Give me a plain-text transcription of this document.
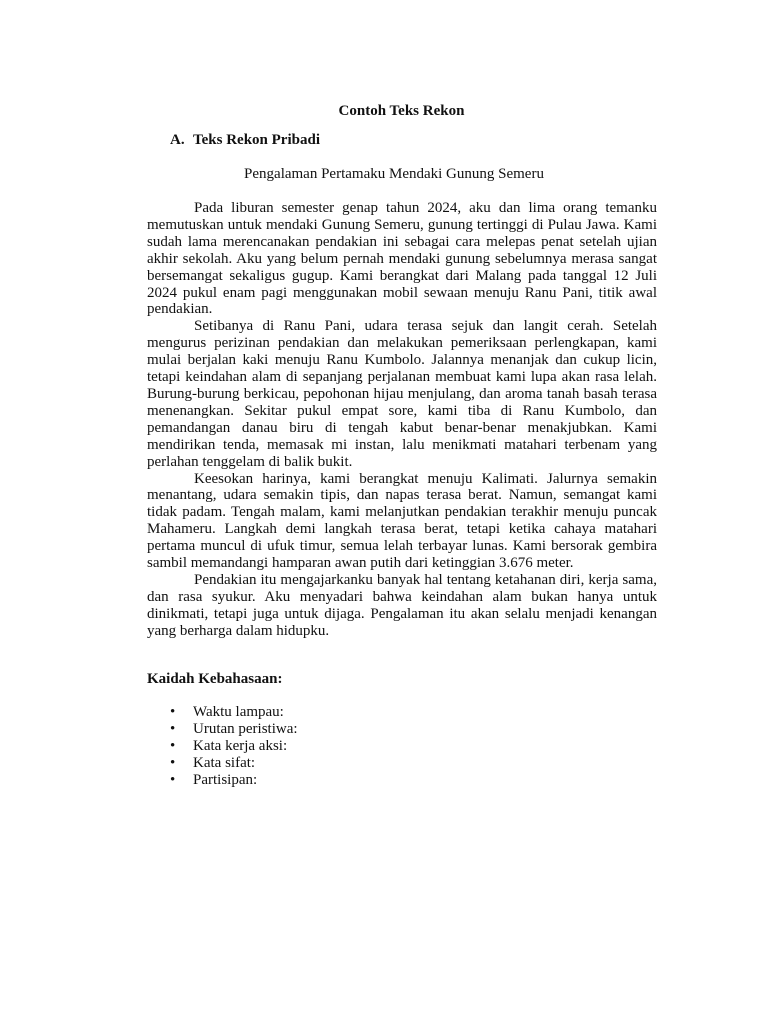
Contoh Teks Rekon
A. Teks Rekon Pribadi
Pengalaman Pertamaku Mendaki Gunung Semeru

Pada liburan semester genap tahun 2024, aku dan lima orang temanku memutuskan untuk mendaki Gunung Semeru, gunung tertinggi di Pulau Jawa. Kami sudah lama merencanakan pendakian ini sebagai cara melepas penat setelah ujian akhir sekolah. Aku yang belum pernah mendaki gunung sebelumnya merasa sangat bersemangat sekaligus gugup. Kami berangkat dari Malang pada tanggal 12 Juli 2024 pukul enam pagi menggunakan mobil sewaan menuju Ranu Pani, titik awal pendakian.

Setibanya di Ranu Pani, udara terasa sejuk dan langit cerah. Setelah mengurus perizinan pendakian dan melakukan pemeriksaan perlengkapan, kami mulai berjalan kaki menuju Ranu Kumbolo. Jalannya menanjak dan cukup licin, tetapi keindahan alam di sepanjang perjalanan membuat kami lupa akan rasa lelah. Burung-burung berkicau, pepohonan hijau menjulang, dan aroma tanah basah terasa menenangkan. Sekitar pukul empat sore, kami tiba di Ranu Kumbolo, dan pemandangan danau biru di tengah kabut benar-benar menakjubkan. Kami mendirikan tenda, memasak mi instan, lalu menikmati matahari terbenam yang perlahan tenggelam di balik bukit.

Keesokan harinya, kami berangkat menuju Kalimati. Jalurnya semakin menantang, udara semakin tipis, dan napas terasa berat. Namun, semangat kami tidak padam. Tengah malam, kami melanjutkan pendakian terakhir menuju puncak Mahameru. Langkah demi langkah terasa berat, tetapi ketika cahaya matahari pertama muncul di ufuk timur, semua lelah terbayar lunas. Kami bersorak gembira sambil memandangi hamparan awan putih dari ketinggian 3.676 meter.

Pendakian itu mengajarkanku banyak hal tentang ketahanan diri, kerja sama, dan rasa syukur. Aku menyadari bahwa keindahan alam bukan hanya untuk dinikmati, tetapi juga untuk dijaga. Pengalaman itu akan selalu menjadi kenangan yang berharga dalam hidupku.

Kaidah Kebahasaan:
• Waktu lampau:
• Urutan peristiwa:
• Kata kerja aksi:
• Kata sifat:
• Partisipan:
